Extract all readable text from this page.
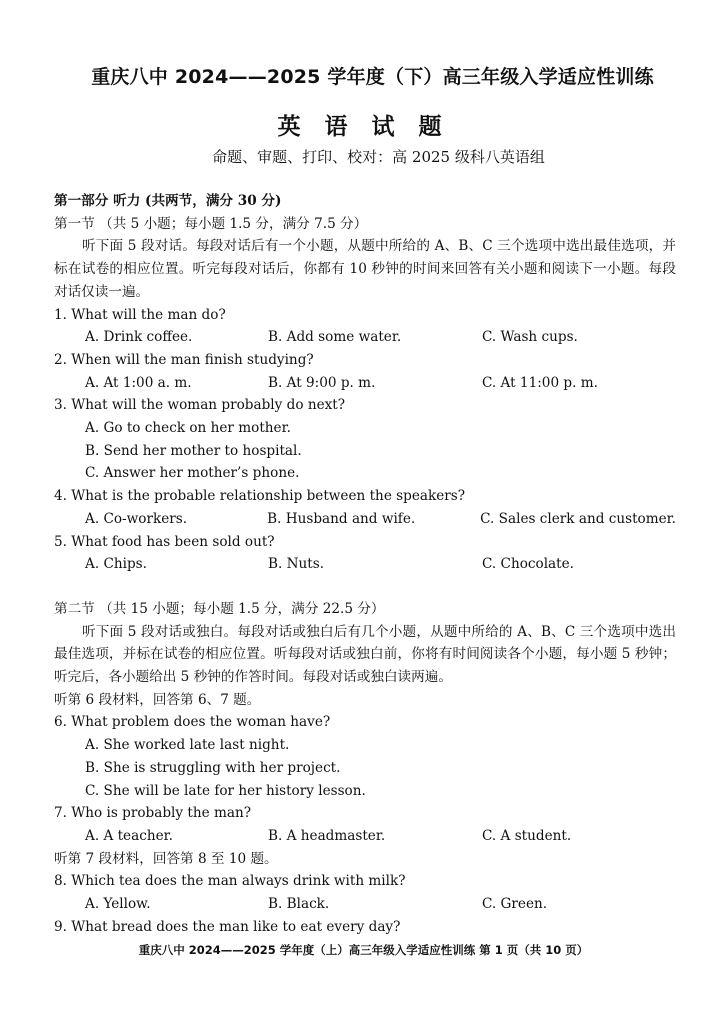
重庆八中 2024——2025 学年度（下）高三年级入学适应性训练
英 语 试 题
命题、审题、打印、校对：高 2025 级科八英语组
第一部分 听力 (共两节，满分 30 分)
第一节 （共 5 小题；每小题 1.5 分，满分 7.5 分）
听下面 5 段对话。每段对话后有一个小题，从题中所给的 A、B、C 三个选项中选出最佳选项，并标在试卷的相应位置。听完每段对话后，你都有 10 秒钟的时间来回答有关小题和阅读下一小题。每段对话仅读一遍。
1. What will the man do?
A. Drink coffee.	B. Add some water.	C. Wash cups.
2. When will the man finish studying?
A. At 1:00 a. m.	B. At 9:00 p. m.	C. At 11:00 p. m.
3. What will the woman probably do next?
A. Go to check on her mother.
B. Send her mother to hospital.
C. Answer her mother’s phone.
4. What is the probable relationship between the speakers?
A. Co-workers.	B. Husband and wife.	C. Sales clerk and customer.
5. What food has been sold out?
A. Chips.	B. Nuts.	C. Chocolate.
第二节 （共 15 小题；每小题 1.5 分，满分 22.5 分）
听下面 5 段对话或独白。每段对话或独白后有几个小题，从题中所给的 A、B、C 三个选项中选出最佳选项，并标在试卷的相应位置。听每段对话或独白前，你将有时间阅读各个小题，每小题 5 秒钟；听完后，各小题给出 5 秒钟的作答时间。每段对话或独白读两遍。
听第 6 段材料，回答第 6、7 题。
6. What problem does the woman have?
A. She worked late last night.
B. She is struggling with her project.
C. She will be late for her history lesson.
7. Who is probably the man?
A. A teacher.	B. A headmaster.	C. A student.
听第 7 段材料，回答第 8 至 10 题。
8. Which tea does the man always drink with milk?
A. Yellow.	B. Black.	C. Green.
9. What bread does the man like to eat every day?
重庆八中 2024——2025 学年度（上）高三年级入学适应性训练 第 1 页（共 10 页）
